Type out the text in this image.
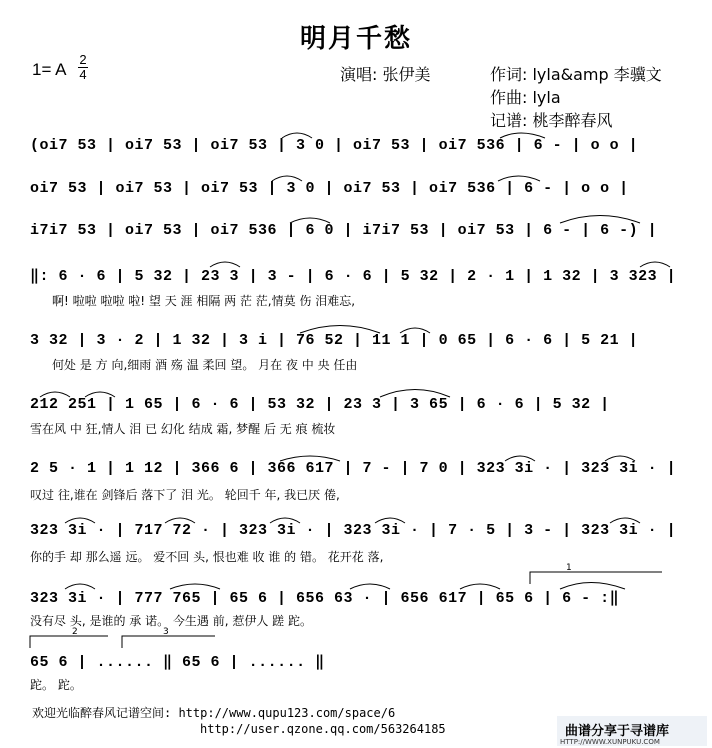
明月千愁
1= A
2
4	演唱: 张伊美	作词: lyla&amp 李骥文
作曲: lyla
记谱: 桃李醉春风
(oi7 53 | oi7 53 | oi7 53 | 3 0 | oi7 53 | oi7 536 | 6 - | o o |
oi7 53 | oi7 53 | oi7 53 | 3 0 | oi7 53 | oi7 536 | 6 - | o o |
i7i7 53 | oi7 53 | oi7 536 | 6 0 | i7i7 53 | oi7 53 | 6 - | 6 -) |
‖: 6 · 6 | 5 32 | 23 3 | 3 - | 6 · 6 | 5 32 | 2 · 1 | 1 32 | 3 323 |
啊! 啦啦 啦啦 啦! 望 天 涯 相隔 两 茫 茫,情莫 伤 泪难忘,
3 32 | 3 · 2 | 1 32 | 3 i | 76 52 | 11 1 | 0 65 | 6 · 6 | 5 21 |
何处 是 方 向,细雨 酒 殇 温 柔回 望。 月在 夜 中 央 任由
212 251 | 1 65 | 6 · 6 | 53 32 | 23 3 | 3 65 | 6 · 6 | 5 32 |
雪在风 中 狂,情人 泪 已 幻化 结成 霜, 梦醒 后 无 痕 梳妆
2 5 · 1 | 1 12 | 366 6 | 366 617 | 7 - | 7 0 | 323 3i · | 323 3i · |
叹过 往,谁在 剑锋后 落下了 泪 光。 轮回千 年, 我已厌 倦,
323 3i · | 717 72 · | 323 3i · | 323 3i · | 7 · 5 | 3 - | 323 3i · |
你的手 却 那么遥 远。 爱不回 头, 恨也难 收 谁 的 错。 花开花 落,
323 3i · | 777 765 | 65 6 | 656 63 · | 656 617 | 65 6 | 6 - :‖
没有尽 头, 是谁的 承 诺。 今生遇 前, 惹伊人 蹉 跎。
65 6 | ...... ‖ 65 6 | ...... ‖
跎。 跎。
1
2	3
欢迎光临醉春风记谱空间: http://www.qupu123.com/space/6
http://user.qzone.qq.com/563264185	曲谱分享于寻谱库
HTTP://WWW.XUNPUKU.COM
